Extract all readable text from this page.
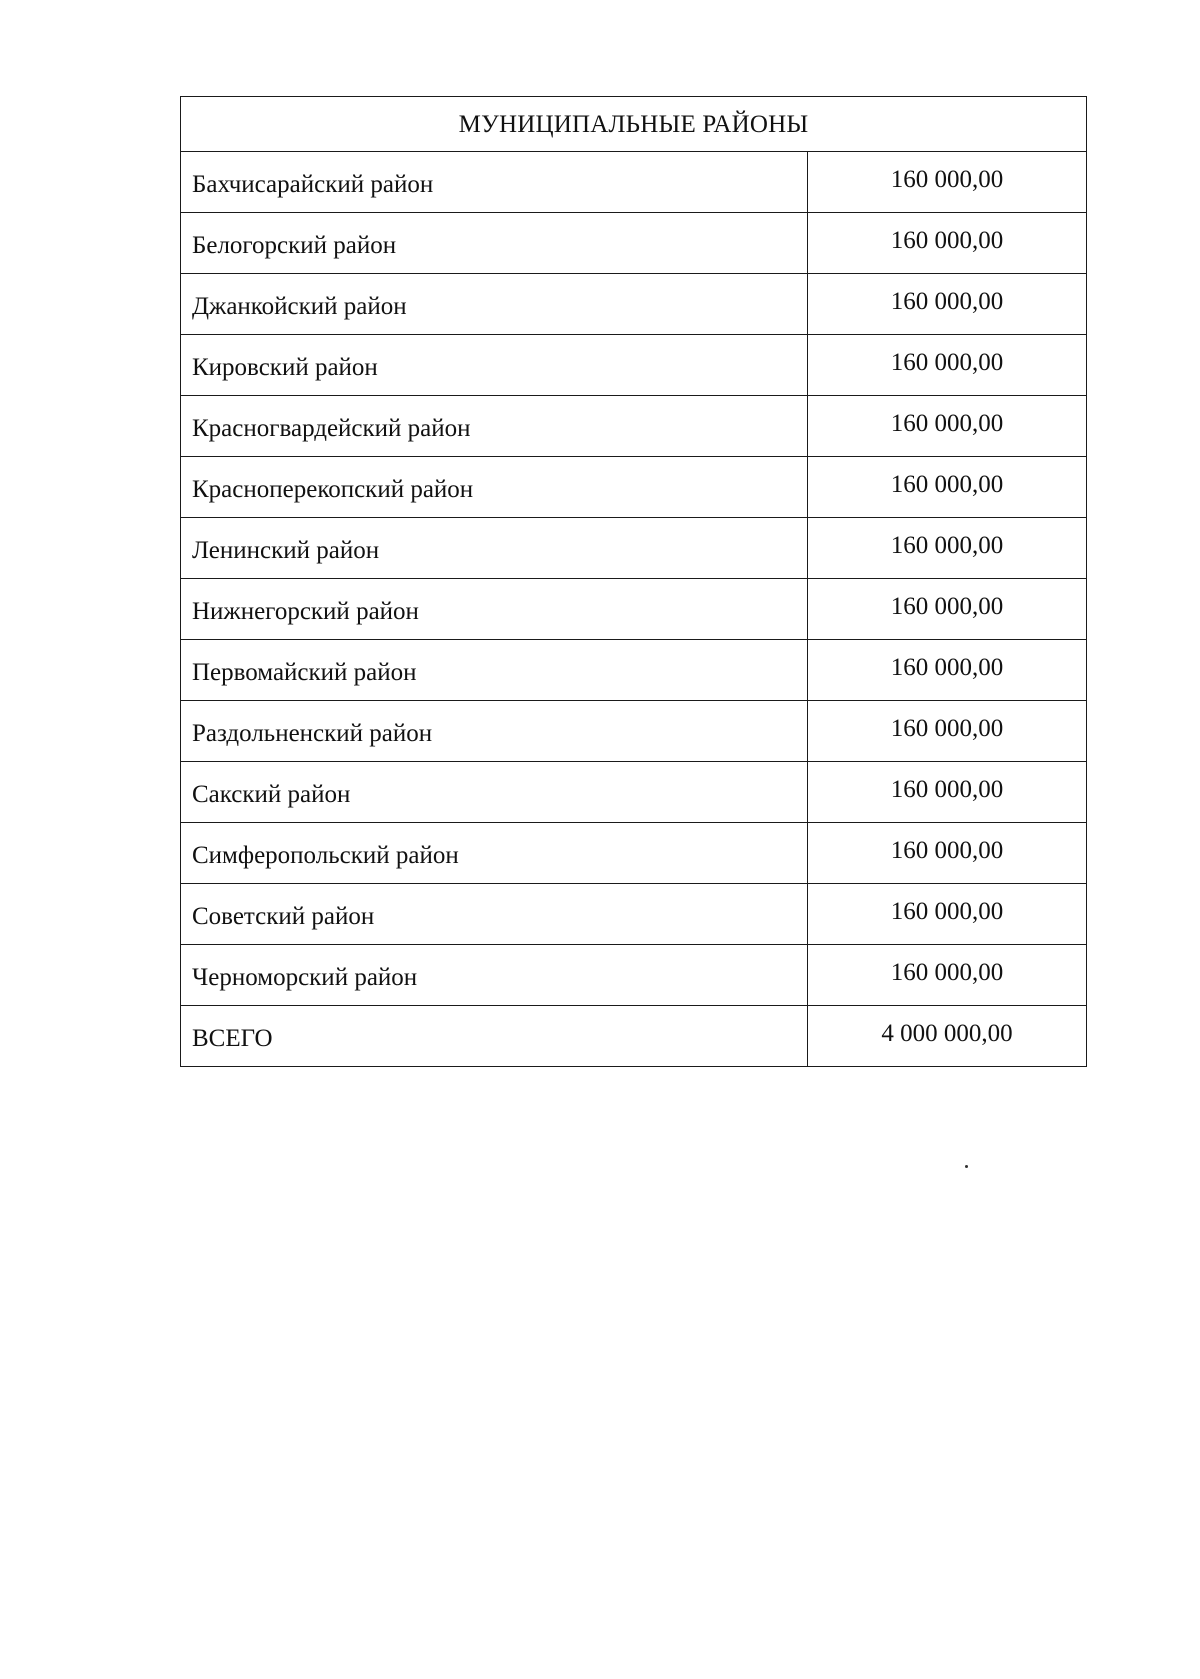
МУНИЦИПАЛЬНЫЕ РАЙОНЫ	
Бахчисарайский район	160 000,00
Белогорский район	160 000,00
Джанкойский район	160 000,00
Кировский район	160 000,00
Красногвардейский район	160 000,00
Красноперекопский район	160 000,00
Ленинский район	160 000,00
Нижнегорский район	160 000,00
Первомайский район	160 000,00
Раздольненский район	160 000,00
Сакский район	160 000,00
Симферопольский район	160 000,00
Советский район	160 000,00
Черноморский район	160 000,00
ВСЕГО	4 000 000,00
